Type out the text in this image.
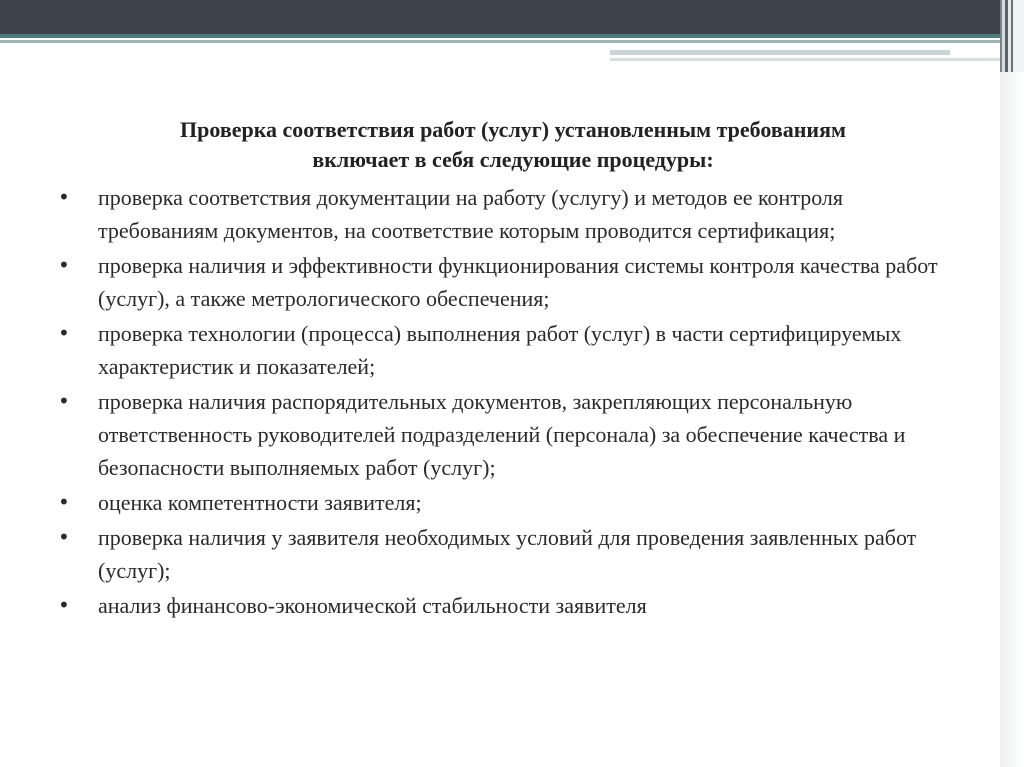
Проверка соответствия работ (услуг) установленным требованиям
включает в себя следующие процедуры:
•	проверка соответствия документации на работу (услугу) и методов ее контроля требованиям документов, на соответствие которым проводится сертификация;
•	проверка наличия и эффективности функционирования системы контроля качества работ (услуг), а также метрологического обеспечения;
•	проверка технологии (процесса) выполнения работ (услуг) в части сертифицируемых характеристик и показателей;
•	проверка наличия распорядительных документов, закрепляющих персональную ответственность руководителей подразделений (персонала) за обеспечение качества и безопасности выполняемых работ (услуг);
•	оценка компетентности заявителя;
•	проверка наличия у заявителя необходимых условий для проведения заявленных работ (услуг);
•	анализ финансово-экономической стабильности заявителя
